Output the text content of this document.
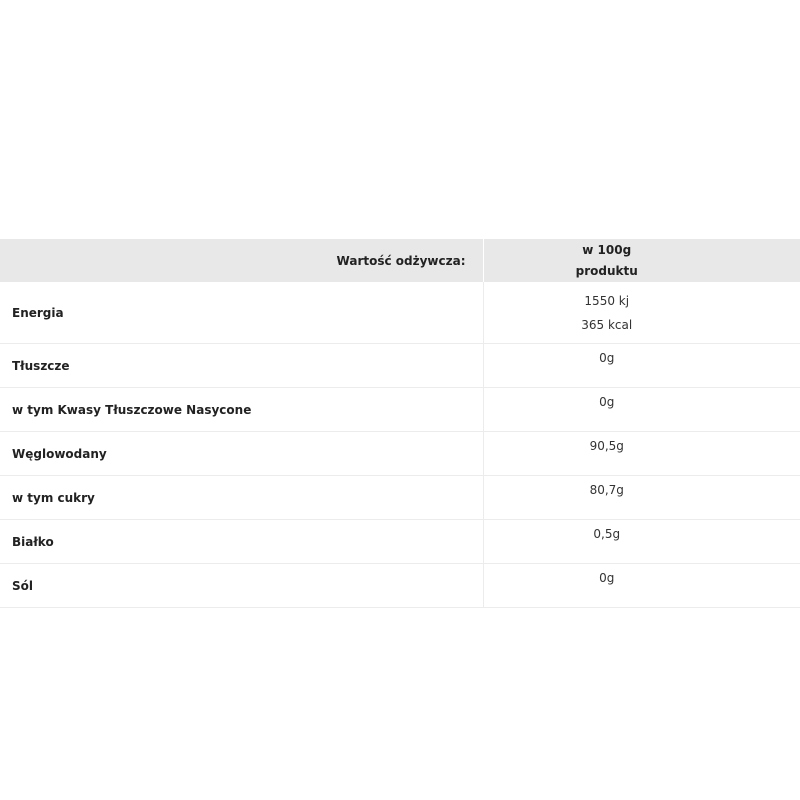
Wartość odżywcza:	w 100g
produktu

Energia	1550 kj
365 kcal

Tłuszcze	0g
w tym Kwasy Tłuszczowe Nasycone	0g
Węglowodany	90,5g
w tym cukry	80,7g
Białko	0,5g
Sól	0g
